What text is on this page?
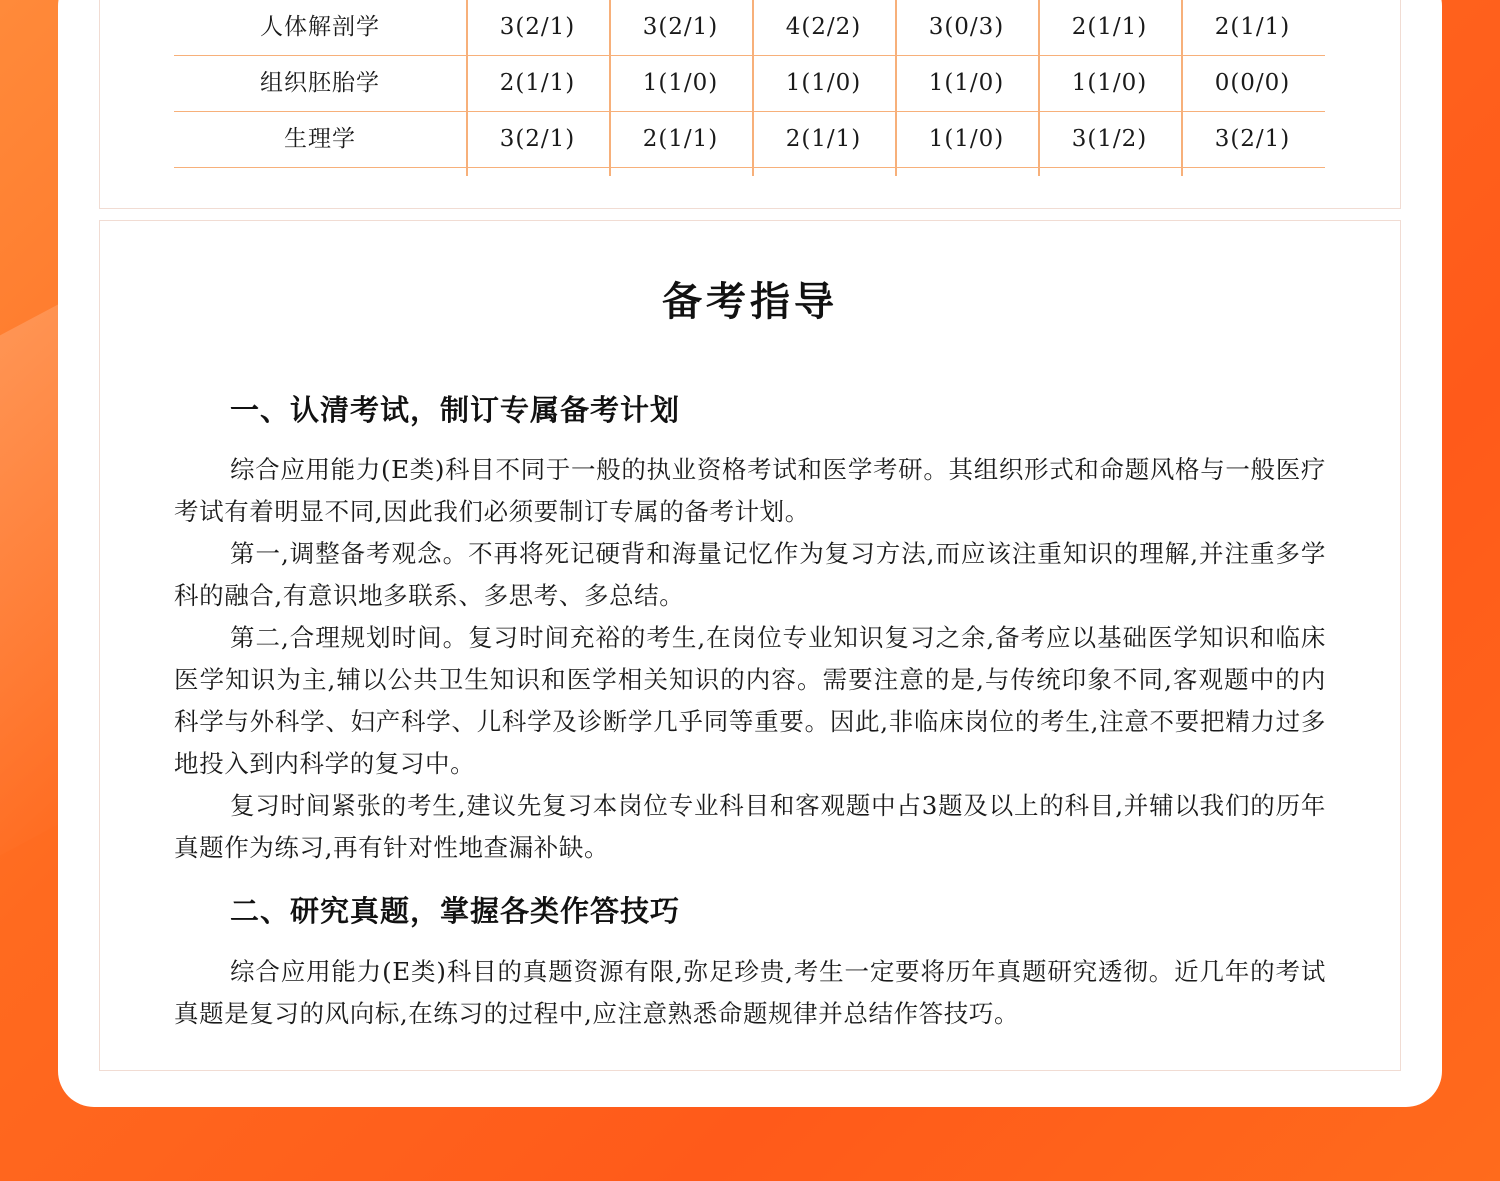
人体解剖学	3(2/1)	3(2/1)	4(2/2)	3(0/3)	2(1/1)	2(1/1)
组织胚胎学	2(1/1)	1(1/0)	1(1/0)	1(1/0)	1(1/0)	0(0/0)
生理学	3(2/1)	2(1/1)	2(1/1)	1(1/0)	3(1/2)	3(2/1)
备考指导
一、认清考试，制订专属备考计划
综合应用能力(E类)科目不同于一般的执业资格考试和医学考研。其组织形式和命题风格与一般医疗考试有着明显不同,因此我们必须要制订专属的备考计划。
第一,调整备考观念。不再将死记硬背和海量记忆作为复习方法,而应该注重知识的理解,并注重多学科的融合,有意识地多联系、多思考、多总结。
第二,合理规划时间。复习时间充裕的考生,在岗位专业知识复习之余,备考应以基础医学知识和临床医学知识为主,辅以公共卫生知识和医学相关知识的内容。需要注意的是,与传统印象不同,客观题中的内科学与外科学、妇产科学、儿科学及诊断学几乎同等重要。因此,非临床岗位的考生,注意不要把精力过多地投入到内科学的复习中。
复习时间紧张的考生,建议先复习本岗位专业科目和客观题中占3题及以上的科目,并辅以我们的历年真题作为练习,再有针对性地查漏补缺。
二、研究真题，掌握各类作答技巧
综合应用能力(E类)科目的真题资源有限,弥足珍贵,考生一定要将历年真题研究透彻。近几年的考试真题是复习的风向标,在练习的过程中,应注意熟悉命题规律并总结作答技巧。
